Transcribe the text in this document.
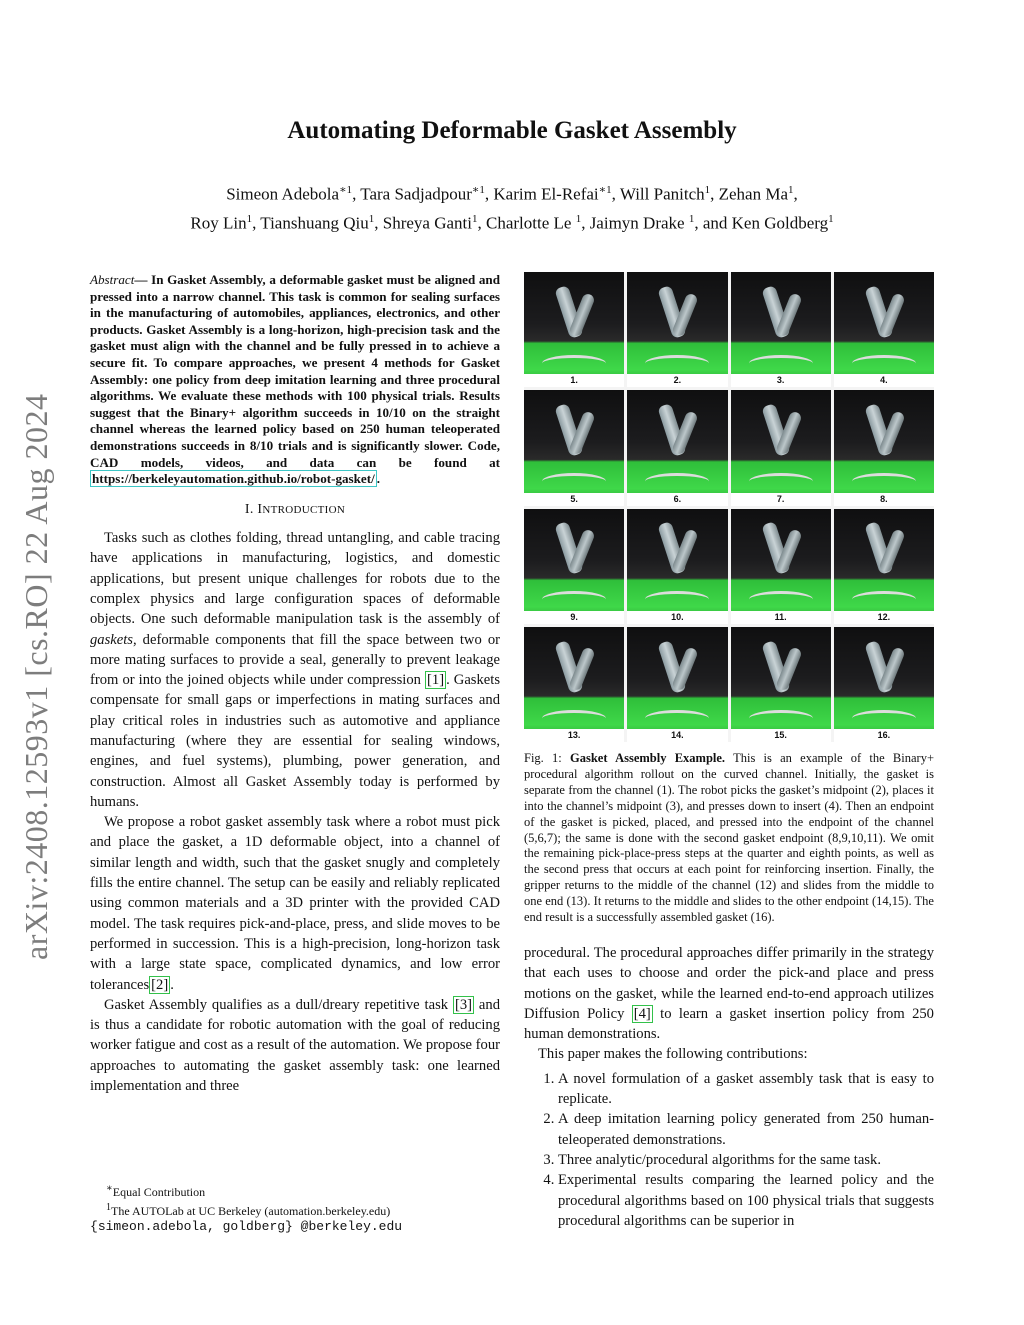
arXiv:2408.12593v1 [cs.RO] 22 Aug 2024
Automating Deformable Gasket Assembly
Simeon Adebola$^{∗1}$, Tara Sadjadpour$^{∗1}$, Karim El-Refai$^{∗1}$, Will Panitch$^1$, Zehan Ma$^1$,
Roy Lin$^1$, Tianshuang Qiu$^1$, Shreya Ganti$^1$, Charlotte Le $^1$, Jaimyn Drake $^1$, and Ken Goldberg$^1$
Abstract— In Gasket Assembly, a deformable gasket must be aligned and pressed into a narrow channel. This task is common for sealing surfaces in the manufacturing of automobiles, appliances, electronics, and other products. Gasket Assembly is a long-horizon, high-precision task and the gasket must align with the channel and be fully pressed in to achieve a secure fit. To compare approaches, we present 4 methods for Gasket Assembly: one policy from deep imitation learning and three procedural algorithms. We evaluate these methods with 100 physical trials. Results suggest that the Binary+ algorithm succeeds in 10/10 on the straight channel whereas the learned policy based on 250 human teleoperated demonstrations succeeds in 8/10 trials and is significantly slower. Code, CAD models, videos, and data can be found at https://berkeleyautomation.github.io/robot-gasket/ .
I. INTRODUCTION

Tasks such as clothes folding, thread untangling, and cable tracing have applications in manufacturing, logistics, and domestic applications, but present unique challenges for robots due to the complex physics and large configuration spaces of deformable objects. One such deformable manipulation task is the assembly of gaskets, deformable components that fill the space between two or more mating surfaces to provide a seal, generally to prevent leakage from or into the joined objects while under compression [1] . Gaskets compensate for small gaps or imperfections in mating surfaces and play critical roles in industries such as automotive and appliance manufacturing (where they are essential for sealing windows, engines, and fuel systems), plumbing, power generation, and construction. Almost all Gasket Assembly today is performed by humans.

We propose a robot gasket assembly task where a robot must pick and place the gasket, a 1D deformable object, into a channel of similar length and width, such that the gasket snugly and completely fills the entire channel. The setup can be easily and reliably replicated using common materials and a 3D printer with the provided CAD model. The task requires pick-and-place, press, and slide moves to be performed in succession. This is a high-precision, long-horizon task with a large state space, complicated dynamics, and low error tolerances [2] .

Gasket Assembly qualifies as a dull/dreary repetitive task [3] and is thus a candidate for robotic automation with the goal of reducing worker fatigue and cost as a result of the automation. We propose four approaches to automating the gasket assembly task: one learned implementation and three

∗Equal Contribution
$^1$The AUTOLab at UC Berkeley (automation.berkeley.edu)
{simeon.adebola, goldberg} @berkeley.edu
1.	2.	3.	4.
5.	6.	7.	8.
9.	10.	11.	12.
13.	14.	15.	16.
Fig. 1: Gasket Assembly Example. This is an example of the Binary+ procedural algorithm rollout on the curved channel. Initially, the gasket is separate from the channel (1). The robot picks the gasket’s midpoint (2), places it into the channel’s midpoint (3), and presses down to insert (4). Then an endpoint of the gasket is picked, placed, and pressed into the endpoint of the channel (5,6,7); the same is done with the second gasket endpoint (8,9,10,11). We omit the remaining pick-place-press steps at the quarter and eighth points, as well as the second press that occurs at each point for reinforcing insertion. Finally, the gripper returns to the middle of the channel (12) and slides from the middle to one end (13). It returns to the middle and slides to the other endpoint (14,15). The end result is a successfully assembled gasket (16).

procedural. The procedural approaches differ primarily in the strategy that each uses to choose and order the pick-and place and press motions on the gasket, while the learned end-to-end approach utilizes Diffusion Policy [4] to learn a gasket insertion policy from 250 human demonstrations.

This paper makes the following contributions:

1. A novel formulation of a gasket assembly task that is easy to replicate.
2. A deep imitation learning policy generated from 250 human-teleoperated demonstrations.
3. Three analytic/procedural algorithms for the same task.
4. Experimental results comparing the learned policy and the procedural algorithms based on 100 physical trials that suggests procedural algorithms can be superior in
